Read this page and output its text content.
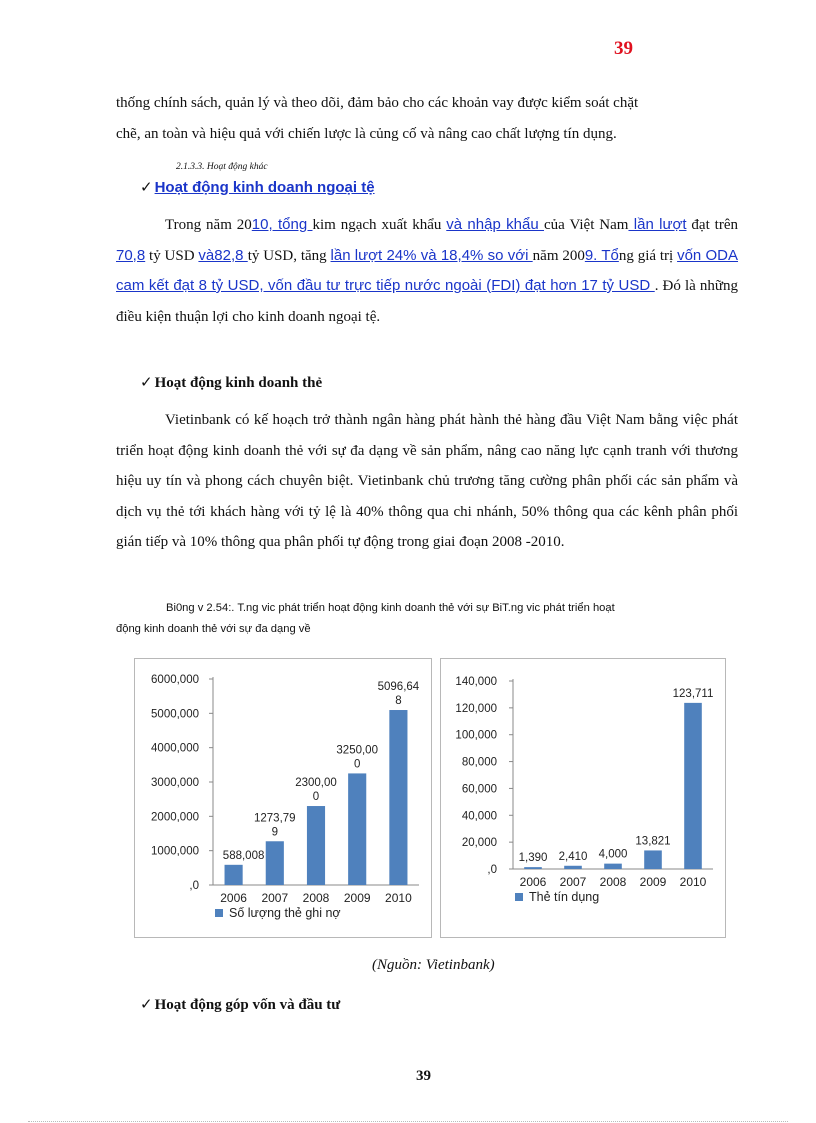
39
thống chính sách, quản lý và theo dõi, đảm bảo cho các khoản vay được kiểm soát chặt
chẽ, an toàn và hiệu quả với chiến lược là củng cố và nâng cao chất lượng tín dụng.
2.1.3.3. Hoạt động khác
✓ Hoạt động kinh doanh ngoại tệ
Trong năm 2010, tổng kim ngạch xuất khẩu và nhập khẩu của Việt Nam lần lượt đạt trên 70,8 tỷ USD và82,8 tỷ USD, tăng lần lượt 24% và 18,4% so với năm 2009. Tổng giá trị vốn ODA cam kết đạt 8 tỷ USD, vốn đầu tư trực tiếp nước ngoài (FDI) đạt hơn 17 tỷ USD . Đó là những điều kiện thuận lợi cho kinh doanh ngoại tệ.
✓ Hoạt động kinh doanh thẻ
Vietinbank có kế hoạch trở thành ngân hàng phát hành thẻ hàng đầu Việt Nam bằng việc phát triển hoạt động kinh doanh thẻ với sự đa dạng về sản phẩm, nâng cao năng lực cạnh tranh với thương hiệu uy tín và phong cách chuyên biệt. Vietinbank chủ trương tăng cường phân phối các sản phẩm và dịch vụ thẻ tới khách hàng với tỷ lệ là 40% thông qua chi nhánh, 50% thông qua các kênh phân phối gián tiếp và 10% thông qua phân phối tự động trong giai đoạn 2008 -2010.
Bi0ng v 2.54:. T.ng vic phát triển hoạt động kinh doanh thẻ với sự BiT.ng vic phát triển hoạt
động kinh doanh thẻ với sự đa dạng về
,0
1000,000
2000,000
3000,000
4000,000
5000,000
6000,000
2006
588,008
2007
1273,79
9
2008
2300,00
0
2009
3250,00
0
2010
5096,64
8
Số lượng thẻ ghi nợ
,0
20,000
40,000
60,000
80,000
100,000
120,000
140,000
2006
1,390
2007
2,410
2008
4,000
2009
13,821
2010
123,711
Thẻ tín dụng
(Nguồn: Vietinbank)
✓ Hoạt động góp vốn và đầu tư
39
